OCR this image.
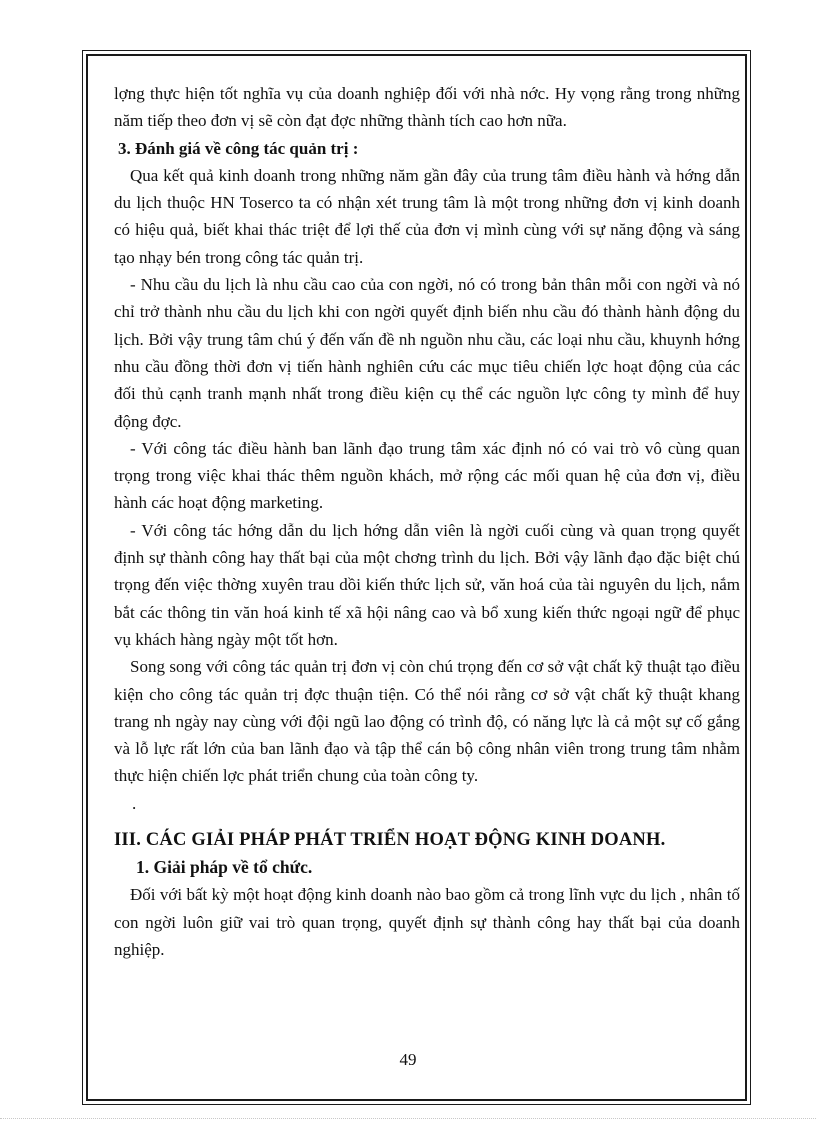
lợng thực hiện tốt nghĩa vụ của doanh nghiệp đối với nhà nớc. Hy vọng rằng trong những năm tiếp theo đơn vị sẽ còn đạt đợc những thành tích cao hơn nữa.

3. Đánh giá về công tác quản trị :

Qua kết quả kinh doanh trong những năm gần đây của trung tâm điều hành và hớng dẫn du lịch thuộc HN Toserco ta có nhận xét trung tâm là một trong những đơn vị kinh doanh có hiệu quả, biết khai thác triệt để lợi thế của đơn vị mình cùng với sự năng động và sáng tạo nhạy bén trong công tác quản trị.

- Nhu cầu du lịch là nhu cầu cao của con ngời, nó có trong bản thân mỗi con ngời và nó chỉ trở thành nhu cầu du lịch khi con ngời quyết định biến nhu cầu đó thành hành động du lịch. Bởi vậy trung tâm chú ý đến vấn đề nh nguồn nhu cầu, các loại nhu cầu, khuynh hớng nhu cầu đồng thời đơn vị tiến hành nghiên cứu các mục tiêu chiến lợc hoạt động của các đối thủ cạnh tranh mạnh nhất trong điều kiện cụ thể các nguồn lực công ty mình để huy động đợc.

- Với công tác điều hành ban lãnh đạo trung tâm xác định nó có vai trò vô cùng quan trọng trong việc khai thác thêm nguồn khách, mở rộng các mối quan hệ của đơn vị, điều hành các hoạt động marketing.

- Với công tác hớng dẫn du lịch hớng dẫn viên là ngời cuối cùng và quan trọng quyết định sự thành công hay thất bại của một chơng trình du lịch. Bởi vậy lãnh đạo đặc biệt chú trọng đến việc thờng xuyên trau dồi kiến thức lịch sử, văn hoá của tài nguyên du lịch, nắm bắt các thông tin văn hoá kinh tế xã hội nâng cao và bổ xung kiến thức ngoại ngữ để phục vụ khách hàng ngày một tốt hơn.

Song song với công tác quản trị đơn vị còn chú trọng đến cơ sở vật chất kỹ thuật tạo điều kiện cho công tác quản trị đợc thuận tiện. Có thể nói rằng cơ sở vật chất kỹ thuật khang trang nh ngày nay cùng với đội ngũ lao động có trình độ, có năng lực là cả một sự cố gắng và lỗ lực rất lớn của ban lãnh đạo và tập thể cán bộ công nhân viên trong trung tâm nhằm thực hiện chiến lợc phát triển chung của toàn công ty.

.

III. CÁC GIẢI PHÁP PHÁT TRIỂN HOẠT ĐỘNG KINH DOANH.

1. Giải pháp về tổ chức.

Đối với bất kỳ một hoạt động kinh doanh nào bao gồm cả trong lĩnh vực du lịch , nhân tố con ngời luôn giữ vai trò quan trọng, quyết định sự thành công hay thất bại của doanh nghiệp.

49
